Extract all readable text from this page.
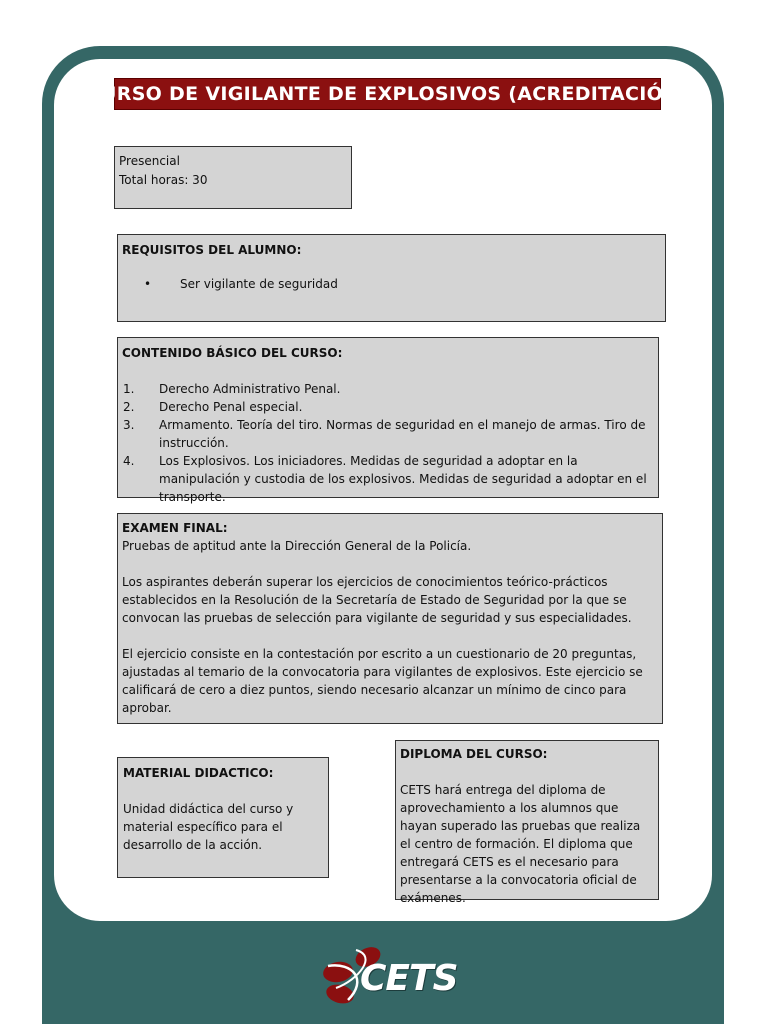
CURSO DE VIGILANTE DE EXPLOSIVOS (ACREDITACIÓN)
Presencial
Total horas: 30
REQUISITOS DEL ALUMNO:
• Ser vigilante de seguridad
CONTENIDO BÁSICO DEL CURSO:
1. Derecho Administrativo Penal.
2. Derecho Penal especial.
3. Armamento. Teoría del tiro. Normas de seguridad en el manejo de armas. Tiro de instrucción.
4. Los Explosivos. Los iniciadores. Medidas de seguridad a adoptar en la manipulación y custodia de los explosivos. Medidas de seguridad a adoptar en el transporte.
EXAMEN FINAL:

Pruebas de aptitud ante la Dirección General de la Policía.

Los aspirantes deberán superar los ejercicios de conocimientos teórico-prácticos establecidos en la Resolución de la Secretaría de Estado de Seguridad por la que se convocan las pruebas de selección para vigilante de seguridad y sus especialidades.

El ejercicio consiste en la contestación por escrito a un cuestionario de 20 preguntas, ajustadas al temario de la convocatoria para vigilantes de explosivos. Este ejercicio se calificará de cero a diez puntos, siendo necesario alcanzar un mínimo de cinco para aprobar.

MATERIAL DIDACTICO:

Unidad didáctica del curso y material específico para el desarrollo de la acción.

DIPLOMA DEL CURSO:

CETS hará entrega del diploma de aprovechamiento a los alumnos que hayan superado las pruebas que realiza el centro de formación. El diploma que entregará CETS es el necesario para presentarse a la convocatoria oficial de exámenes.

CETS
